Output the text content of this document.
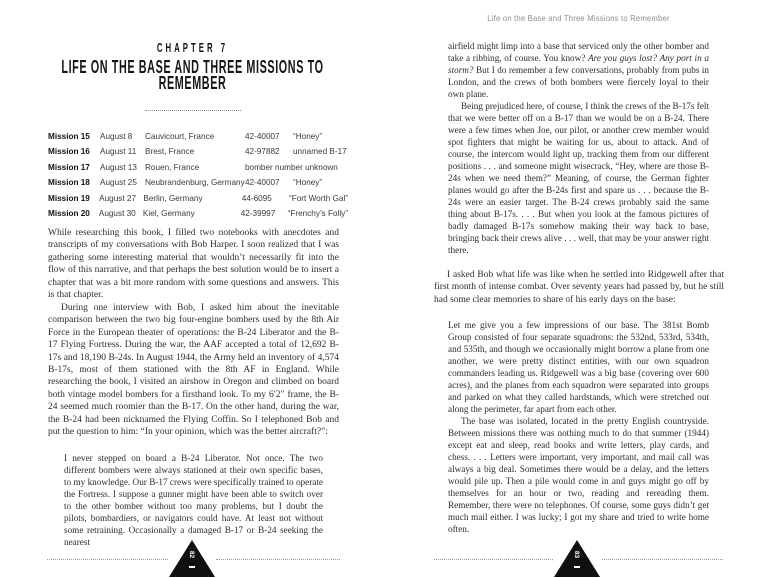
CHAPTER 7
LIFE ON THE BASE AND THREE MISSIONS TO REMEMBER
Mission 15	August 8	Cauvicourt, France	42-40007	“Honey”
Mission 16	August 11	Brest, France	42-97882	unnamed B-17
Mission 17	August 13 Rouen, France	bomber number unknown
Mission 18	August 25 Neubrandenburg, Germany 42-40007	“Honey”
Mission 19	August 27 Berlin, Germany	44-6095	“Fort Worth Gal”
Mission 20	August 30 Kiel, Germany	42-39997	“Frenchy’s Folly”

While researching this book, I filled two notebooks with anecdotes and transcripts of my conversations with Bob Harper. I soon realized that I was gathering some interesting material that wouldn’t necessarily fit into the flow of this narrative, and that perhaps the best solution would be to insert a chapter that was a bit more random with some questions and answers. This is that chapter.

During one interview with Bob, I asked him about the inevitable comparison between the two big four-engine bombers used by the 8th Air Force in the European theater of operations: the B-24 Liberator and the B-17 Flying Fortress. During the war, the AAF accepted a total of 12,692 B-17s and 18,190 B-24s. In August 1944, the Army held an inventory of 4,574 B-17s, most of them stationed with the 8th AF in England. While researching the book, I visited an airshow in Oregon and climbed on board both vintage model bombers for a firsthand look. To my 6′2″ frame, the B-24 seemed much roomier than the B-17. On the other hand, during the war, the B-24 had been nicknamed the Flying Coffin. So I telephoned Bob and put the question to him: “In your opinion, which was the better aircraft?”:

I never stepped on board a B-24 Liberator. Not once. The two different bombers were always stationed at their own specific bases, to my knowledge. Our B-17 crews were specifically trained to operate the Fortress. I suppose a gunner might have been able to switch over to the other bomber without too many problems, but I doubt the pilots, bombardiers, or navigators could have. At least not without some retraining. Occasionally a damaged B-17 or B-24 seeking the nearest

Life on the Base and Three Missions to Remember

airfield might limp into a base that serviced only the other bomber and take a ribbing, of course. You know? Are you guys lost? Any port in a storm? But I do remember a few conversations, probably from pubs in London, and the crews of both bombers were fiercely loyal to their own plane.

Being prejudiced here, of course, I think the crews of the B-17s felt that we were better off on a B-17 than we would be on a B-24. There were a few times when Joe, our pilot, or another crew member would spot fighters that might be waiting for us, about to attack. And of course, the intercom would light up, tracking them from our different positions . . . and someone might wisecrack, “Hey, where are those B-24s when we need them?” Meaning, of course, the German fighter planes would go after the B-24s first and spare us . . . because the B-24s were an easier target. The B-24 crews probably said the same thing about B-17s. . . . But when you look at the famous pictures of badly damaged B-17s somehow making their way back to base, bringing back their crews alive . . . well, that may be your answer right there.

I asked Bob what life was like when he settled into Ridgewell after that first month of intense combat. Over seventy years had passed by, but he still had some clear memories to share of his early days on the base:

Let me give you a few impressions of our base. The 381st Bomb Group consisted of four separate squadrons: the 532nd, 533rd, 534th, and 535th, and though we occasionally might borrow a plane from one another, we were pretty distinct entities, with our own squadron commanders leading us. Ridgewell was a big base (covering over 600 acres), and the planes from each squadron were separated into groups and parked on what they called hardstands, which were stretched out along the perimeter, far apart from each other.

The base was isolated, located in the pretty English countryside. Between missions there was nothing much to do that summer (1944) except eat and sleep, read books and write letters, play cards, and chess. . . . Letters were important, very important, and mail call was always a big deal. Sometimes there would be a delay, and the letters would pile up. Then a pile would come in and guys might go off by themselves for an hour or two, reading and rereading them. Remember, there were no telephones. Of course, some guys didn’t get much mail either. I was lucky; I got my share and tried to write home often.

82	83
